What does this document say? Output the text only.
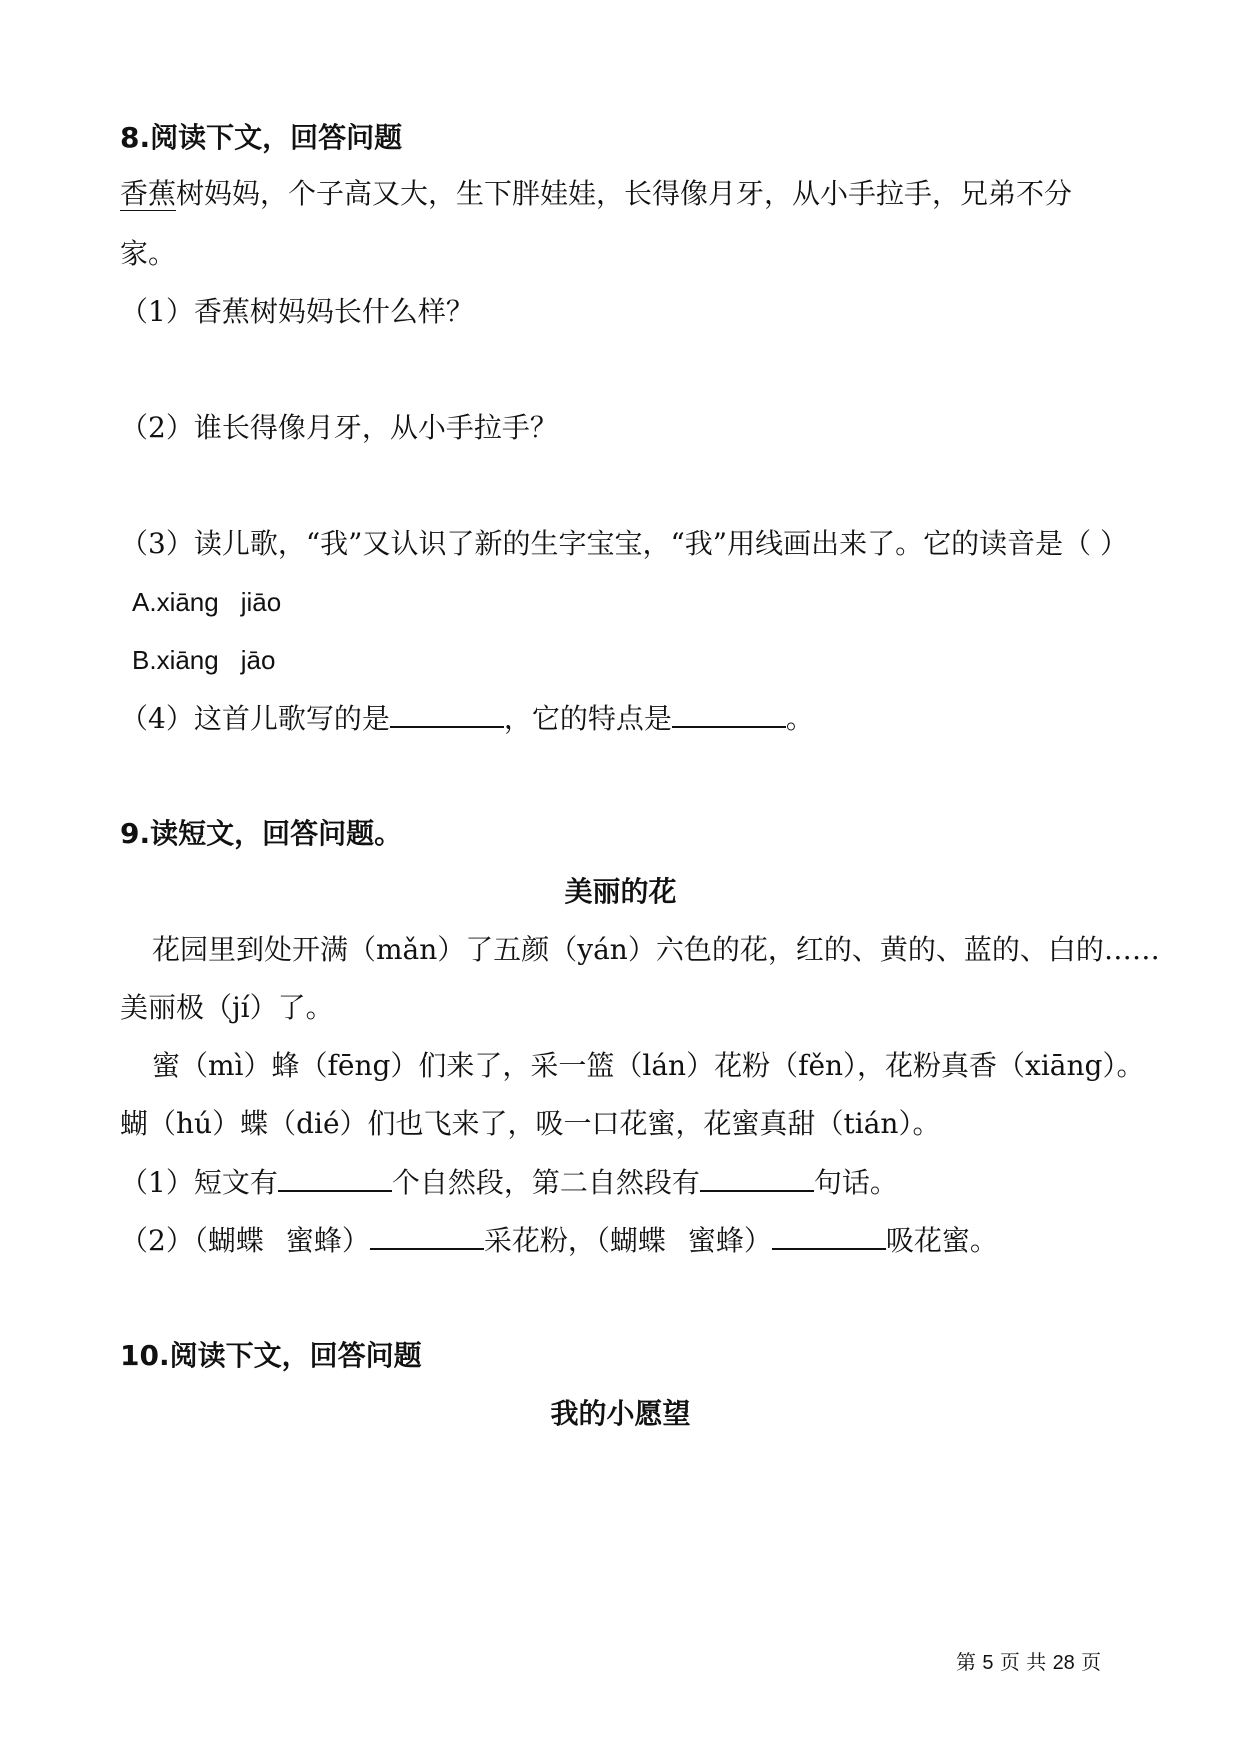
8.阅读下文，回答问题
香蕉树妈妈，个子高又大，生下胖娃娃，长得像月牙，从小手拉手，兄弟不分
家。
（1）香蕉树妈妈长什么样？
（2）谁长得像月牙，从小手拉手？
（3）读儿歌，“我”又认识了新的生字宝宝，“我”用线画出来了。它的读音是（ ）
A.xiāng jiāo
B.xiāng jāo
（4）这首儿歌写的是	，它的特点是	。
9.读短文，回答问题。
美丽的花
花园里到处开满（mǎn）了五颜（yán）六色的花，红的、黄的、蓝的、白的……
美丽极（jí）了。
蜜（mì）蜂（fēng）们来了，采一篮（lán）花粉（fěn），花粉真香（xiāng）。
蝴（hú）蝶（dié）们也飞来了，吸一口花蜜，花蜜真甜（tián）。
（1）短文有	个自然段，第二自然段有	句话。
（2）（蝴蝶 蜜蜂）	采花粉，（蝴蝶 蜜蜂）	吸花蜜。
10.阅读下文，回答问题
我的小愿望
第 5 页 共 28 页
